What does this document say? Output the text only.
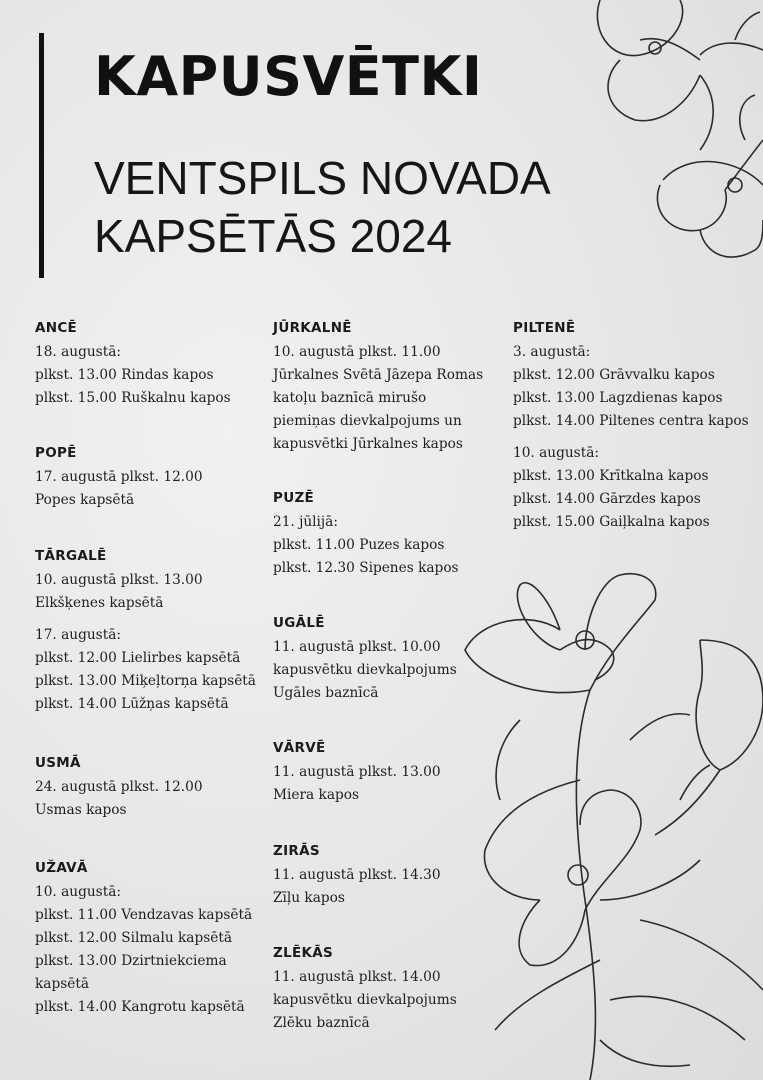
KAPUSVĒTKI

VENTSPILS NOVADA

KAPSĒTĀS 2024

ANCĒ
18. augustā:
plkst. 13.00 Rindas kapos
plkst. 15.00 Ruškalnu kapos
POPĒ
17. augustā plkst. 12.00
Popes kapsētā
TĀRGALĒ
10. augustā plkst. 13.00
Elkšķenes kapsētā
17. augustā:
plkst. 12.00 Lielirbes kapsētā
plkst. 13.00 Miķeļtorņa kapsētā
plkst. 14.00 Lūžņas kapsētā
USMĀ
24. augustā plkst. 12.00
Usmas kapos
UŽAVĀ
10. augustā:
plkst. 11.00 Vendzavas kapsētā
plkst. 12.00 Silmalu kapsētā
plkst. 13.00 Dzirtniekciema kapsētā
plkst. 14.00 Kangrotu kapsētā
JŪRKALNĒ
10. augustā plkst. 11.00
Jūrkalnes Svētā Jāzepa Romas katoļu baznīcā mirušo piemiņas dievkalpojums un kapusvētki Jūrkalnes kapos
PUZĒ
21. jūlijā:
plkst. 11.00 Puzes kapos
plkst. 12.30 Sipenes kapos
UGĀLĒ
11. augustā plkst. 10.00
kapusvētku dievkalpojums
Ugāles baznīcā
VĀRVĒ
11. augustā plkst. 13.00
Miera kapos
ZIRĀS
11. augustā plkst. 14.30
Zīļu kapos
ZLĒKĀS
11. augustā plkst. 14.00
kapusvētku dievkalpojums
Zlēku baznīcā
PILTENĒ
3. augustā:
plkst. 12.00 Grāvvalku kapos
plkst. 13.00 Lagzdienas kapos
plkst. 14.00 Piltenes centra kapos
10. augustā:
plkst. 13.00 Krītkalna kapos
plkst. 14.00 Gārzdes kapos
plkst. 15.00 Gaiļkalna kapos
